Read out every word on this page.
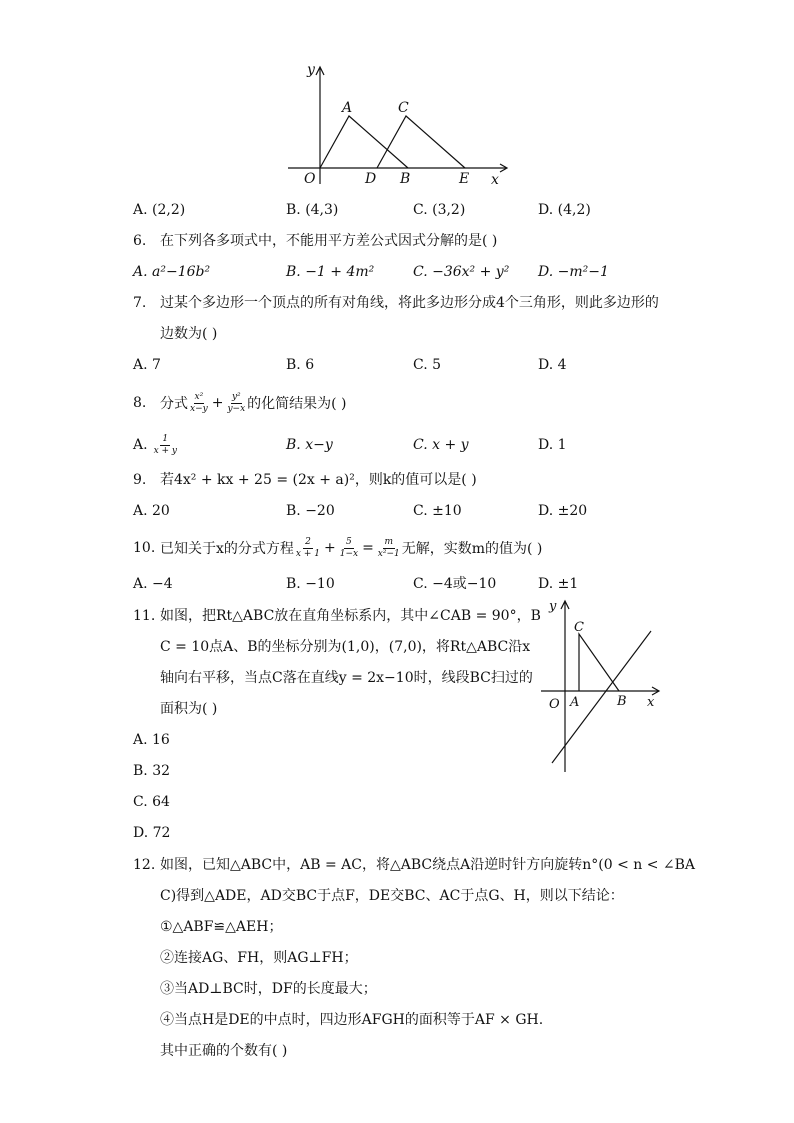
y
x
O
A	C
D B	E
A. (2,2)	B. (4,3)	C. (3,2)	D. (4,2)
6. 在下列各多项式中，不能用平方差公式因式分解的是( )
A. a²−16b²	B. −1 + 4m²	C. −36x² + y² D. −m²−1
7. 过某个多边形一个顶点的所有对角线，将此多边形分成4个三角形，则此多边形的
边数为( )
A. 7	B. 6	C. 5	D. 4
8. 分式 $\frac{\text{x²}}{x-y} + \frac{\text{y²}}{y-x}$ 的化简结果为( )
A. $\frac{1}{x + y}$	B. x−y	C. x + y	D. 1
9. 若4x² + kx + 25 = (2x + a)²，则k的值可以是( )
A. 20	B. −20	C. ±10	D. ±20
10. 已知关于x的分式方程 $\frac{2}{x + 1} + \frac{5}{1-x} = \frac{m}{\text{x²−1}}$ 无解，实数m的值为( )
A. −4	B. −10	C. −4或−10	D. ±1
11. 如图，把Rt△ABC放在直角坐标系内，其中∠CAB = 90°，B
C = 10点A、B的坐标分别为(1,0)，(7,0)，将Rt△ABC沿x
轴向右平移，当点C落在直线y = 2x−10时，线段BC扫过的
面积为( )
A. 16
B. 32
C. 64
D. 72
y
x
O A	B
C
12. 如图，已知△ABC中，AB = AC，将△ABC绕点A沿逆时针方向旋转n°(0 < n < ∠BA
C)得到△ADE，AD交BC于点F，DE交BC、AC于点G、H，则以下结论：
①△ABF≌△AEH；
②连接AG、FH，则AG⊥FH；
③当AD⊥BC时，DF的长度最大；
④当点H是DE的中点时，四边形AFGH的面积等于AF × GH.
其中正确的个数有( )
